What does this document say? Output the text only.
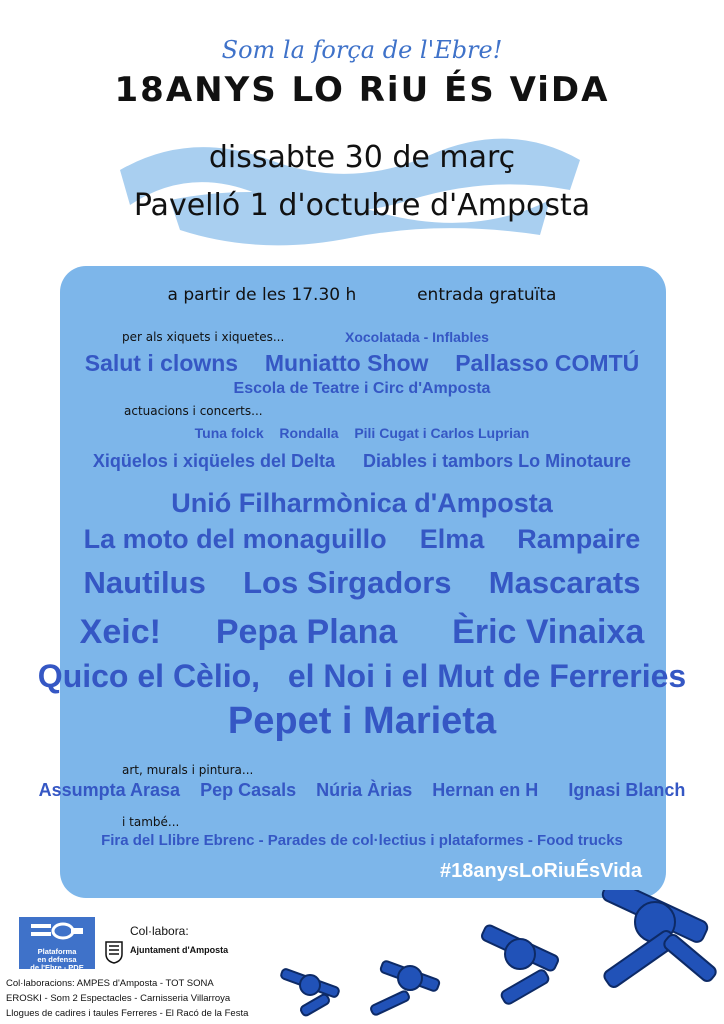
Som la força de l'Ebre!
18ANYS LO RiU ÉS ViDA
dissabte 30 de març
Pavelló 1 d'octubre d'Amposta
a partir de les 17.30 h	entrada gratuïta
per als xiquets i xiquetes...	Xocolatada - Inflables
Salut i clowns Muniatto Show Pallasso COMTÚ
Escola de Teatre i Circ d'Amposta
actuacions i concerts...
Tuna folck Rondalla Pili Cugat i Carlos Luprian
Xiqüelos i xiqüeles del Delta Diables i tambors Lo Minotaure
Unió Filharmònica d'Amposta
La moto del monaguillo Elma Rampaire
Nautilus Los Sirgadors Mascarats
Xeic! Pepa Plana Èric Vinaixa
Quico el Cèlio, el Noi i el Mut de Ferreries
Pepet i Marieta
art, murals i pintura...
Assumpta Arasa Pep Casals Núria Àrias Hernan en H Ignasi Blanch
i també...
Fira del Llibre Ebrenc - Parades de col·lectius i plataformes - Food trucks
#18anysLoRiuÉsVida
Plataforma
en defensa
de l'Ebre - PDE
Col·labora:
Ajuntament d'Amposta
Col·laboracions: AMPES d'Amposta - TOT SONA
EROSKI - Som 2 Espectacles - Carnisseria Villarroya
Llogues de cadires i taules Ferreres - El Racó de la Festa
